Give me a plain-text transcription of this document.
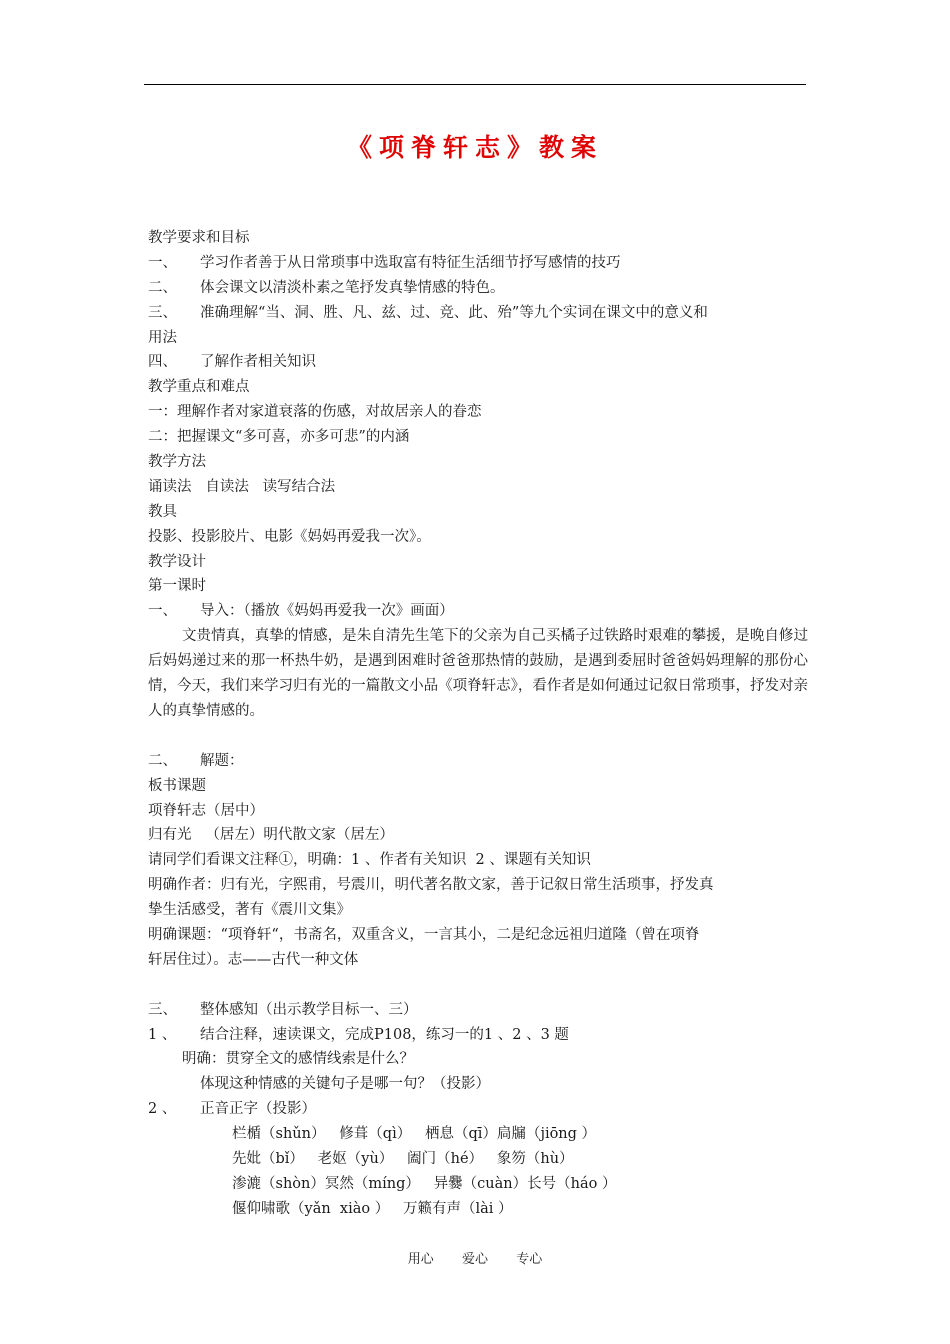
《项脊轩志》教案
教学要求和目标
一、 学习作者善于从日常琐事中选取富有特征生活细节抒写感情的技巧
二、 体会课文以清淡朴素之笔抒发真挚情感的特色。
三、 准确理解“当、洞、胜、凡、兹、过、竞、此、殆”等九个实词在课文中的意义和
用法
四、 了解作者相关知识
教学重点和难点
一：理解作者对家道衰落的伤感，对故居亲人的眷恋
二：把握课文“多可喜，亦多可悲”的内涵
教学方法
诵读法   自读法   读写结合法
教具
投影、投影胶片、电影《妈妈再爱我一次》。
教学设计
第一课时
一、 导入：（播放《妈妈再爱我一次》画面）
文贵情真，真挚的情感，是朱自清先生笔下的父亲为自己买橘子过铁路时艰难的攀援，是晚自修过后妈妈递过来的那一杯热牛奶，是遇到困难时爸爸那热情的鼓励，是遇到委屈时爸爸妈妈理解的那份心情，今天，我们来学习归有光的一篇散文小品《项脊轩志》，看作者是如何通过记叙日常琐事，抒发对亲人的真挚情感的。
二、 解题：
板书课题
项脊轩志（居中）
归有光   （居左）明代散文家（居左）
请同学们看课文注释①，明确：1 、作者有关知识  2 、课题有关知识
明确作者：归有光，字熙甫，号震川，明代著名散文家，善于记叙日常生活琐事，抒发真
挚生活感受，著有《震川文集》
明确课题：“项脊轩“，书斋名，双重含义，一言其小，二是纪念远祖归道隆（曾在项脊
轩居住过）。志——古代一种文体
三、 整体感知（出示教学目标一、三）
1 、 结合注释，速读课文，完成P108，练习一的1 、2 、3 题
明确：贯穿全文的感情线索是什么？
体现这种情感的关键句子是哪一句？（投影）
2 、 正音正字（投影）
栏楯（shǔn）   修葺（qì）   栖息（qī）扃牖（jiōng ）
先妣（bǐ）   老妪（yù）   阖门（hé）   象笏（hù）
渗漉（shòn）冥然（míng）   异爨（cuàn）长号（háo ）
偃仰啸歌（yǎn  xiào ）   万籁有声（lài ）
用心  爱心  专心
